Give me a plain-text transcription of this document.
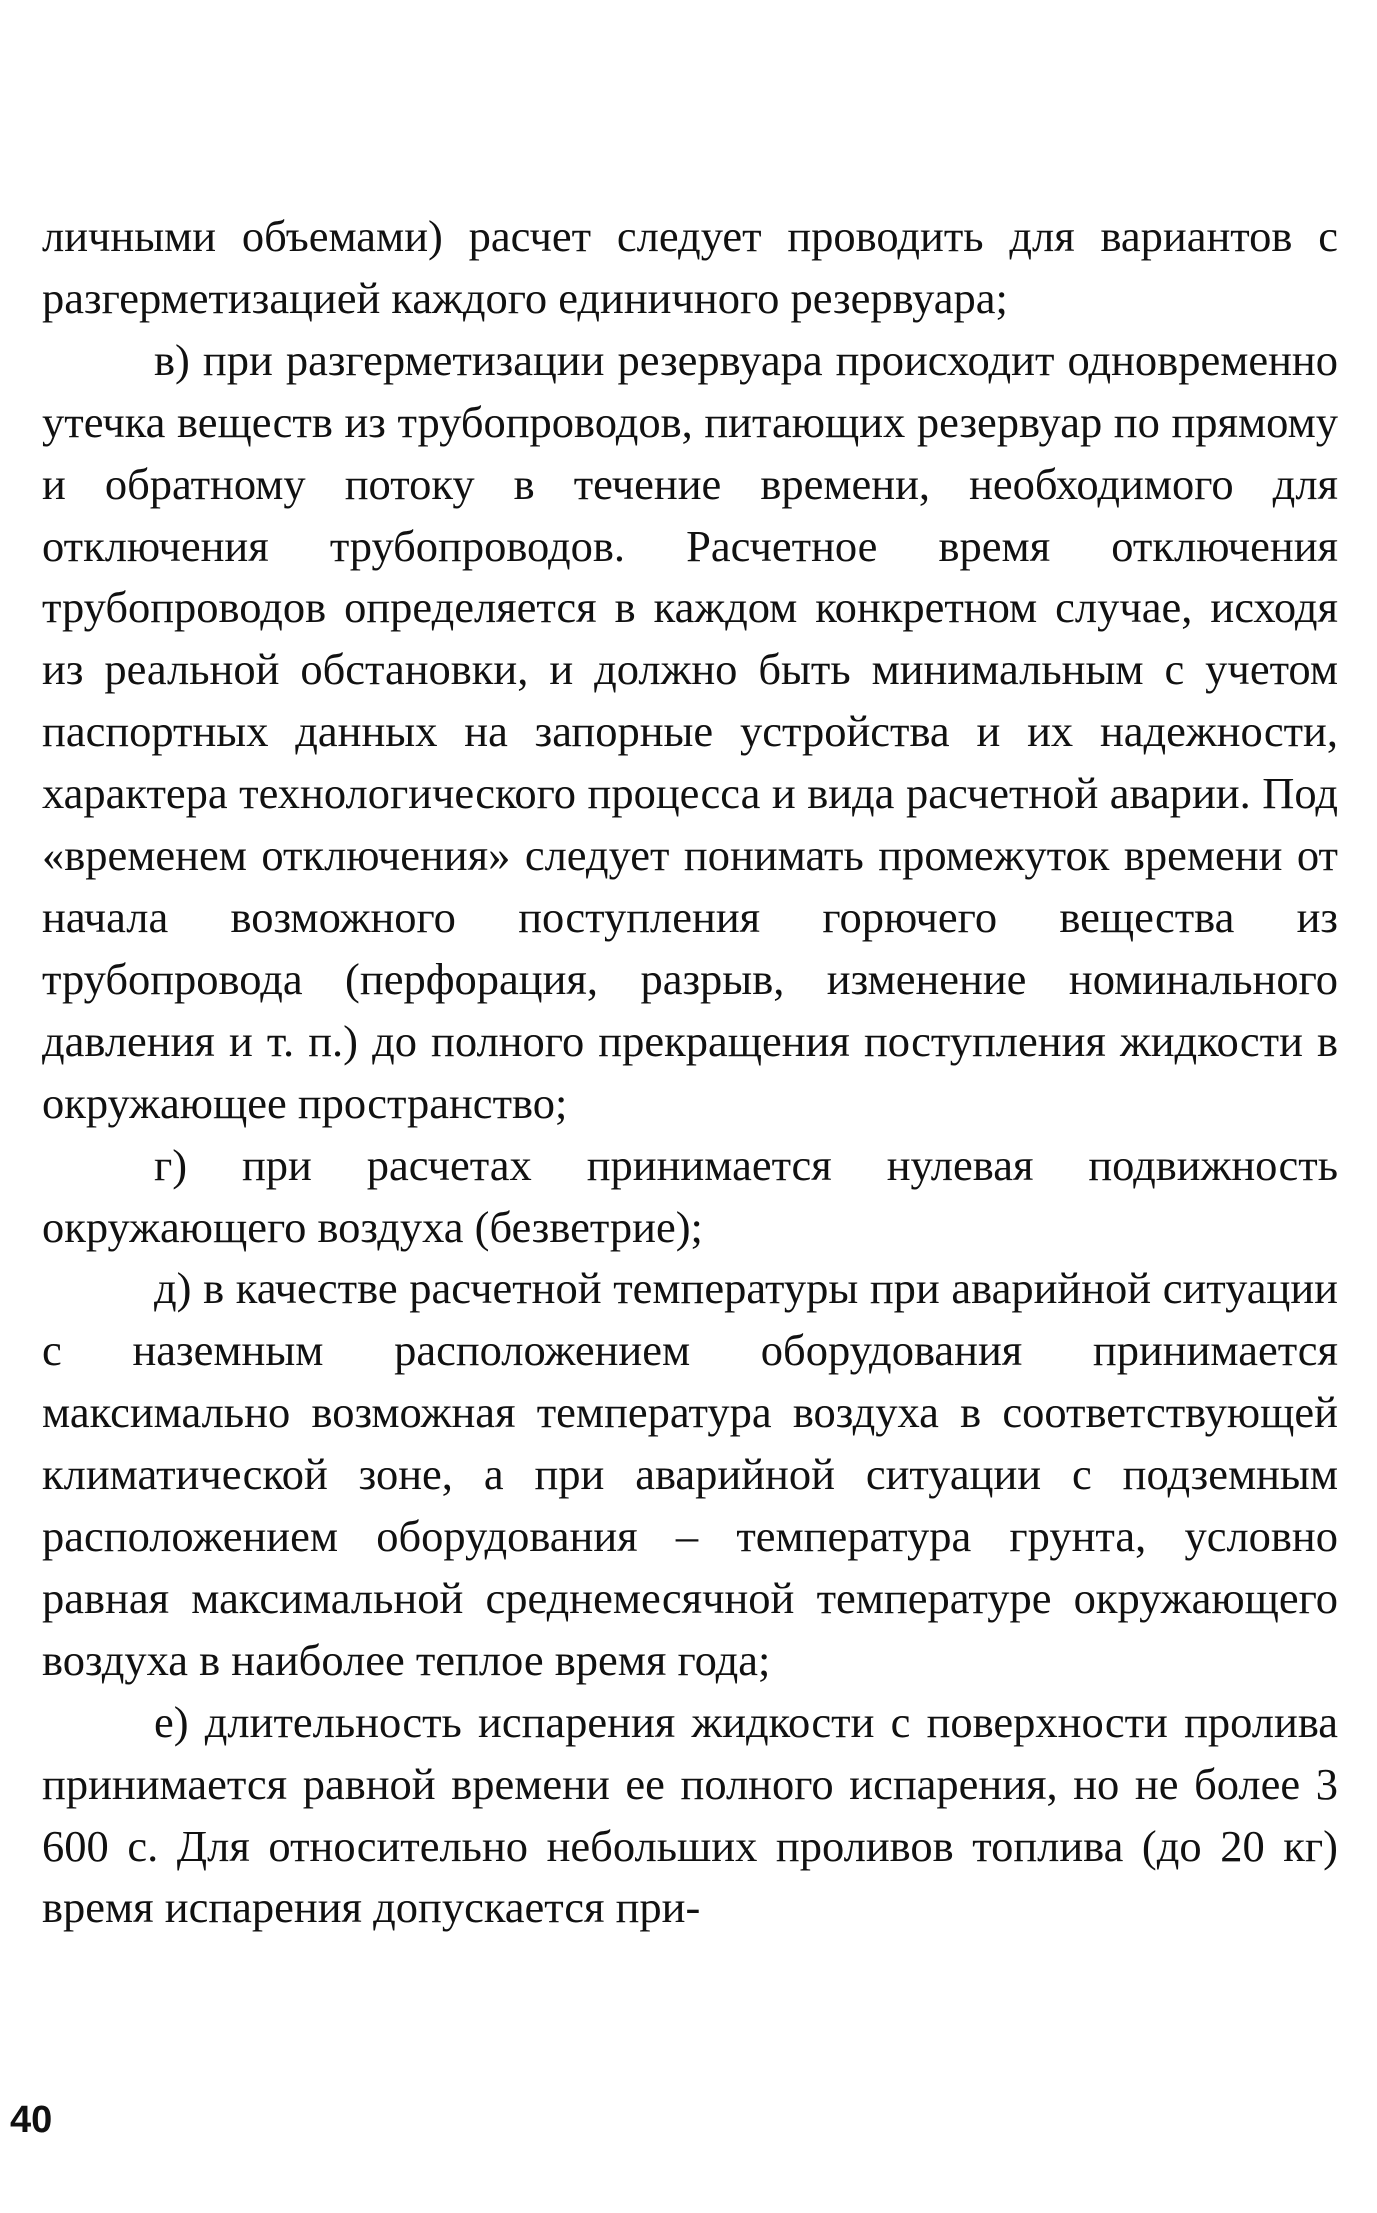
личными объемами) расчет следует проводить для вариантов с разгерметизацией каждого единичного резервуара;

в) при разгерметизации резервуара происходит одновременно утечка веществ из трубопроводов, питающих резервуар по прямому и обратному потоку в течение времени, необходимого для отключения трубопроводов. Расчетное время отключения трубопроводов определяется в каждом конкретном случае, исходя из реальной обстановки, и должно быть минимальным с учетом паспортных данных на запорные устройства и их надежности, характера технологического процесса и вида расчетной аварии. Под «временем отключения» следует понимать промежуток времени от начала возможного поступления горючего вещества из трубопровода (перфорация, разрыв, изменение номинального давления и т. п.) до полного прекращения поступления жидкости в окружающее пространство;

г) при расчетах принимается нулевая подвижность окружающего воздуха (безветрие);

д) в качестве расчетной температуры при аварийной ситуации с наземным расположением оборудования принимается максимально возможная температура воздуха в соответствующей климатической зоне, а при аварийной ситуации с подземным расположением оборудования – температура грунта, условно равная максимальной среднемесячной температуре окружающего воздуха в наиболее теплое время года;

е) длительность испарения жидкости с поверхности пролива принимается равной времени ее полного испарения, но не более 3 600 с. Для относительно небольших проливов топлива (до 20 кг) время испарения допускается при-

40
